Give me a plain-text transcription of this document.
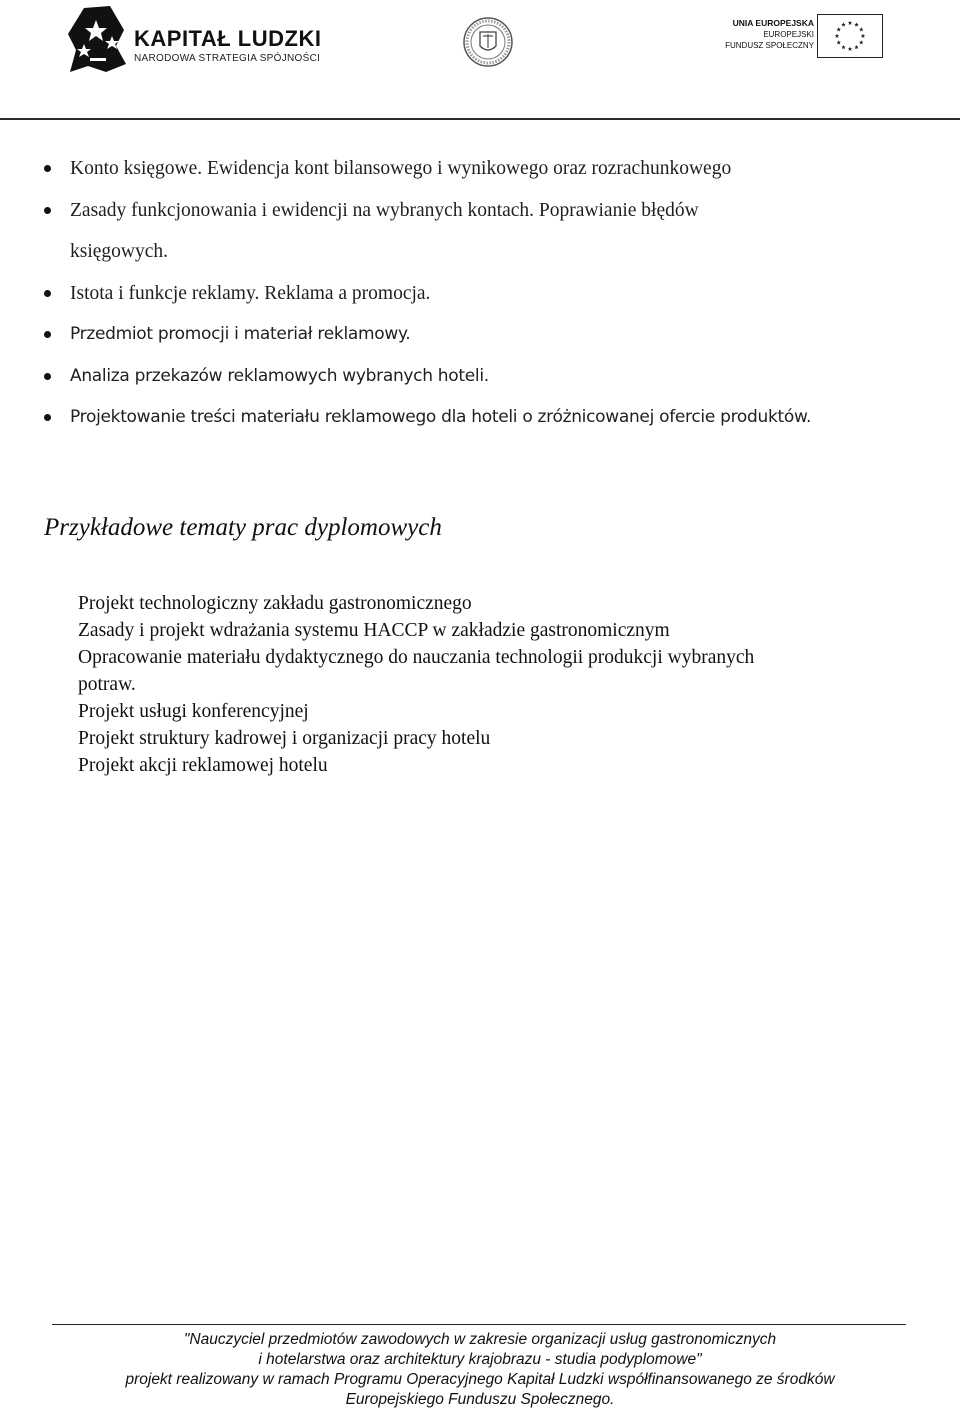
KAPITAŁ LUDZKI
NARODOWA STRATEGIA SPÓJNOŚCI
UNIA EUROPEJSKA
EUROPEJSKI
FUNDUSZ SPOŁECZNY
Konto księgowe. Ewidencja kont bilansowego i wynikowego oraz rozrachunkowego
Zasady funkcjonowania i ewidencji na wybranych kontach. Poprawianie błędów
księgowych.
Istota i funkcje reklamy. Reklama a promocja.
Przedmiot promocji i materiał reklamowy.
Analiza przekazów reklamowych wybranych hoteli.
Projektowanie treści materiału reklamowego dla hoteli o zróżnicowanej ofercie produktów.
Przykładowe tematy prac dyplomowych
Projekt technologiczny zakładu gastronomicznego
Zasady i projekt wdrażania systemu HACCP w zakładzie gastronomicznym
Opracowanie materiału dydaktycznego do nauczania technologii produkcji wybranych
potraw.
Projekt usługi konferencyjnej
Projekt struktury kadrowej i organizacji pracy hotelu
Projekt akcji reklamowej hotelu
"Nauczyciel przedmiotów zawodowych w zakresie organizacji usług gastronomicznych
i hotelarstwa oraz architektury krajobrazu - studia podyplomowe"
projekt realizowany w ramach Programu Operacyjnego Kapitał Ludzki współfinansowanego ze środków
Europejskiego Funduszu Społecznego.
